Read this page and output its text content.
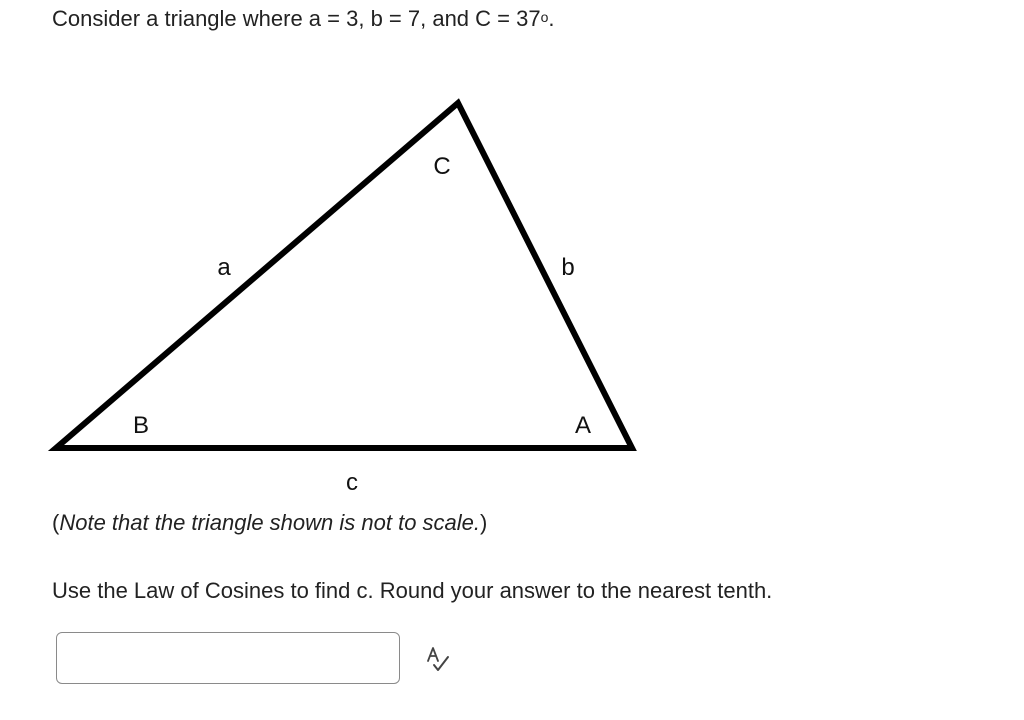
Consider a triangle where a = 3, b = 7, and $C = 37^o$.
C
a	b
B	A
c
(Note that the triangle shown is not to scale.)
Use the Law of Cosines to find c. Round your answer to the nearest tenth.
